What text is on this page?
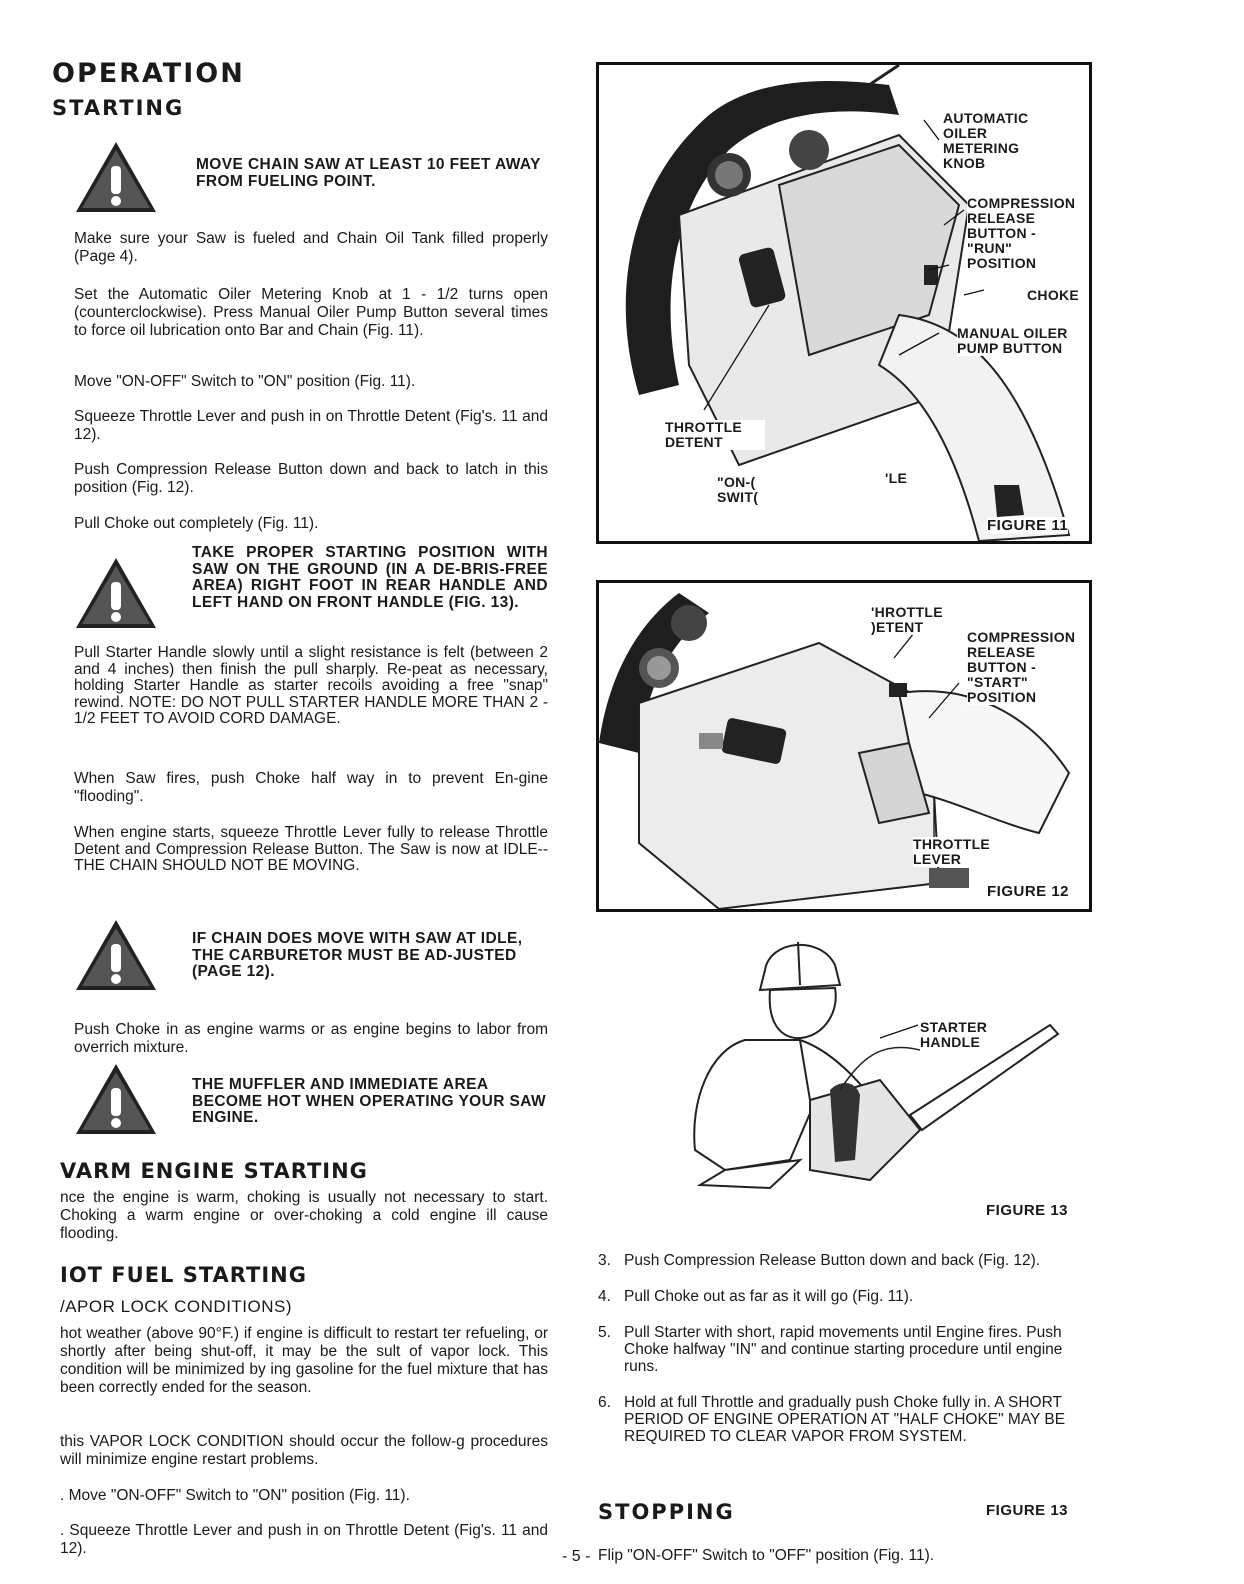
OPERATION
STARTING
MOVE CHAIN SAW AT LEAST 10 FEET AWAY FROM FUELING POINT.
Make sure your Saw is fueled and Chain Oil Tank filled properly (Page 4).
Set the Automatic Oiler Metering Knob at 1 - 1/2 turns open (counterclockwise). Press Manual Oiler Pump Button several times to force oil lubrication onto Bar and Chain (Fig. 11).
Move "ON-OFF" Switch to "ON" position (Fig. 11).
Squeeze Throttle Lever and push in on Throttle Detent (Fig's. 11 and 12).
Push Compression Release Button down and back to latch in this position (Fig. 12).
Pull Choke out completely (Fig. 11).
TAKE PROPER STARTING POSITION WITH SAW ON THE GROUND (IN A DE-BRIS-FREE AREA) RIGHT FOOT IN REAR HANDLE AND LEFT HAND ON FRONT HANDLE (FIG. 13).
Pull Starter Handle slowly until a slight resistance is felt (between 2 and 4 inches) then finish the pull sharply. Re-peat as necessary, holding Starter Handle as starter recoils avoiding a free "snap" rewind. NOTE: DO NOT PULL STARTER HANDLE MORE THAN 2 - 1/2 FEET TO AVOID CORD DAMAGE.
When Saw fires, push Choke half way in to prevent En-gine "flooding".
When engine starts, squeeze Throttle Lever fully to release Throttle Detent and Compression Release Button. The Saw is now at IDLE--THE CHAIN SHOULD NOT BE MOVING.
IF CHAIN DOES MOVE WITH SAW AT IDLE, THE CARBURETOR MUST BE AD-JUSTED (PAGE 12).
Push Choke in as engine warms or as engine begins to labor from overrich mixture.
THE MUFFLER AND IMMEDIATE AREA BECOME HOT WHEN OPERATING YOUR SAW ENGINE.
VARM ENGINE STARTING
nce the engine is warm, choking is usually not necessary to start. Choking a warm engine or over-choking a cold engine ill cause flooding.
IOT FUEL STARTING
/APOR LOCK CONDITIONS)
hot weather (above 90°F.) if engine is difficult to restart ter refueling, or shortly after being shut-off, it may be the sult of vapor lock. This condition will be minimized by ing gasoline for the fuel mixture that has been correctly ended for the season.
this VAPOR LOCK CONDITION should occur the follow-g procedures will minimize engine restart problems.
. Move "ON-OFF" Switch to "ON" position (Fig. 11).
. Squeeze Throttle Lever and push in on Throttle Detent (Fig's. 11 and 12).	- 5 -
AUTOMATIC OILER METERING KNOB
COMPRESSION RELEASE BUTTON - "RUN" POSITION
CHOKE
MANUAL OILER PUMP BUTTON
THROTTLE DETENT
"ON-( SWIT(
'LE
FIGURE 11
'HROTTLE )ETENT
COMPRESSION RELEASE BUTTON - "START" POSITION
THROTTLE LEVER
FIGURE 12
STARTER HANDLE
FIGURE 13
FIGURE 13
3. Push Compression Release Button down and back (Fig. 12).
4. Pull Choke out as far as it will go (Fig. 11).
5. Pull Starter with short, rapid movements until Engine fires. Push Choke halfway "IN" and continue starting procedure until engine runs.
6. Hold at full Throttle and gradually push Choke fully in. A SHORT PERIOD OF ENGINE OPERATION AT "HALF CHOKE" MAY BE REQUIRED TO CLEAR VAPOR FROM SYSTEM.
STOPPING
Flip "ON-OFF" Switch to "OFF" position (Fig. 11).
